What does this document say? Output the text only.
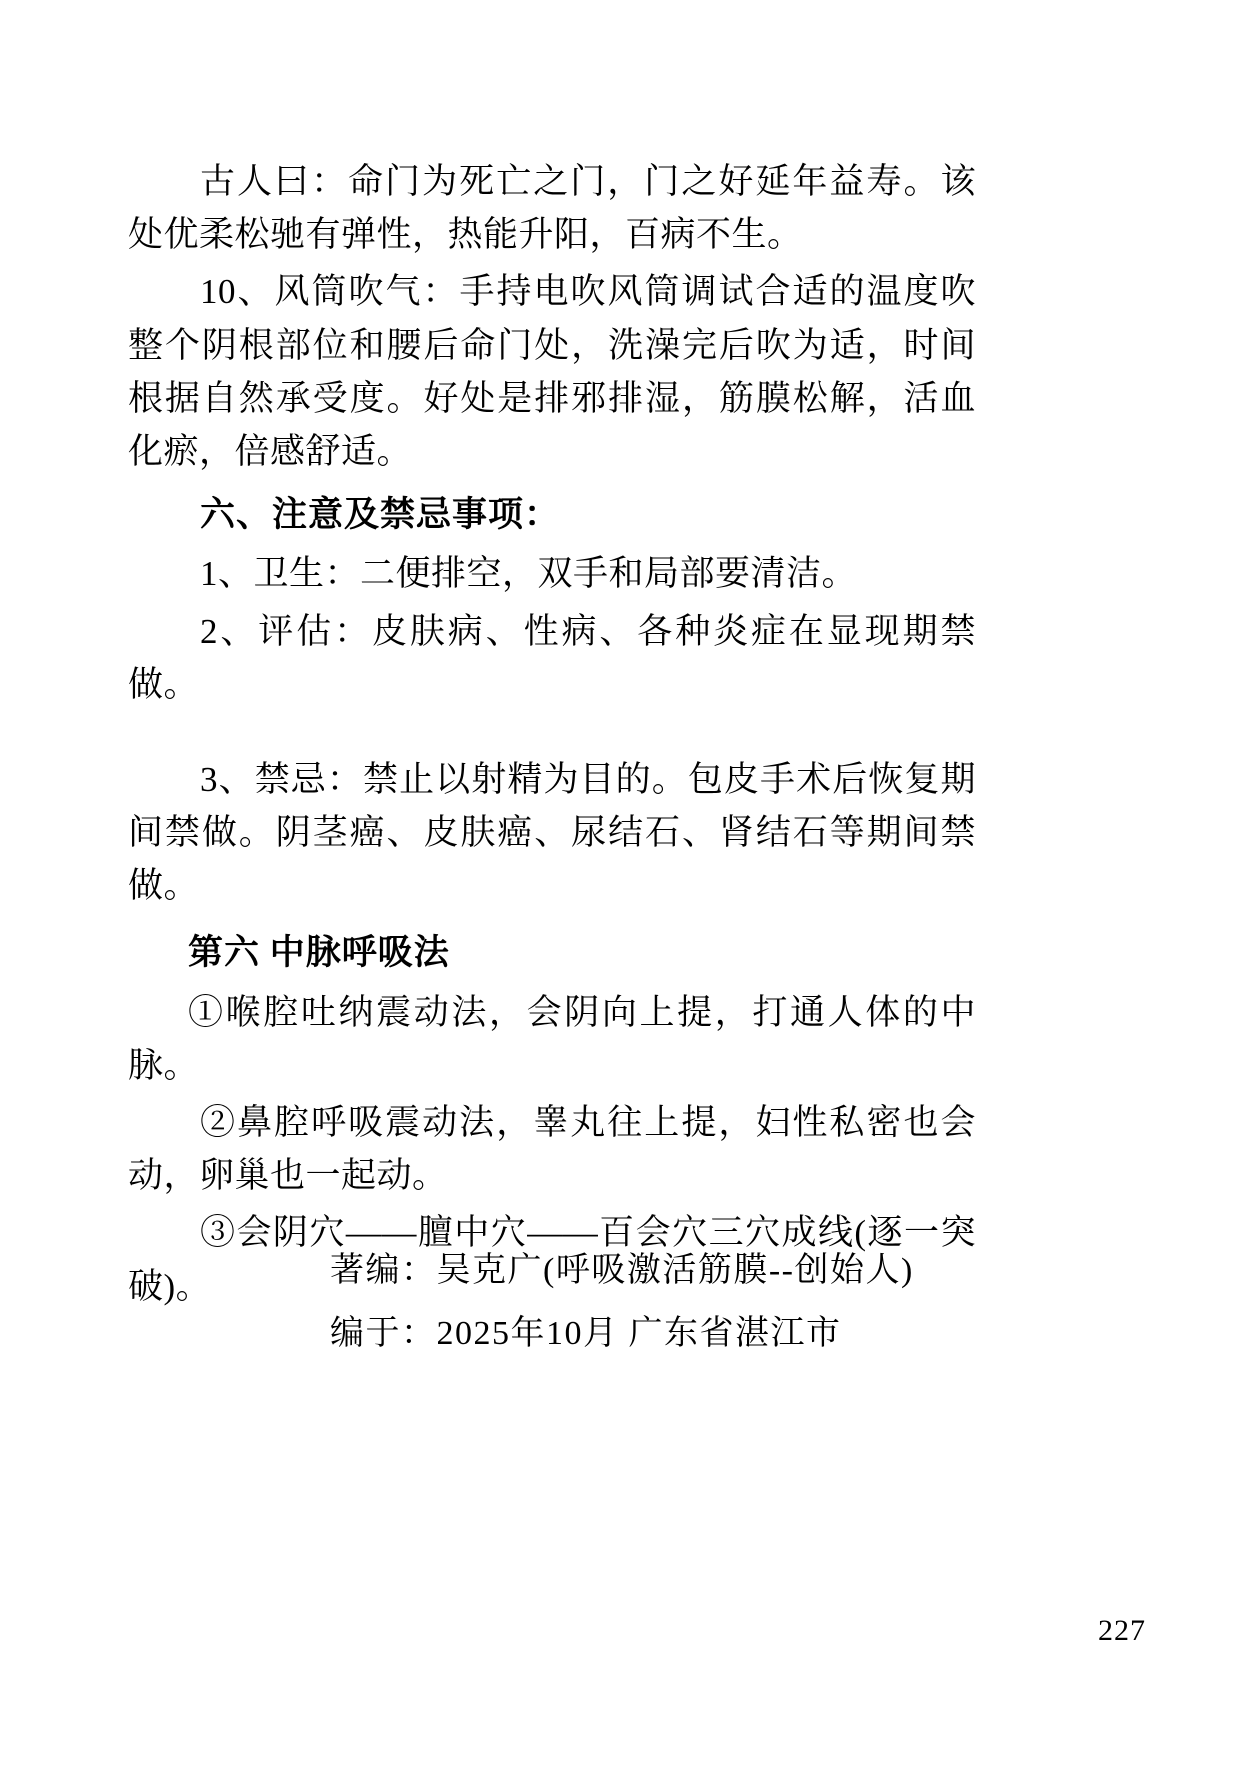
古人曰：命门为死亡之门，门之好延年益寿。该处优柔松驰有弹性，热能升阳，百病不生。

10、风筒吹气：手持电吹风筒调试合适的温度吹整个阴根部位和腰后命门处，洗澡完后吹为适，时间根据自然承受度。好处是排邪排湿，筋膜松解，活血化瘀，倍感舒适。

六、注意及禁忌事项：

1、卫生：二便排空，双手和局部要清洁。

2、评估：皮肤病、性病、各种炎症在显现期禁做。

3、禁忌：禁止以射精为目的。包皮手术后恢复期间禁做。阴茎癌、皮肤癌、尿结石、肾结石等期间禁做。

第六 中脉呼吸法

①喉腔吐纳震动法，会阴向上提，打通人体的中脉。

②鼻腔呼吸震动法，睾丸往上提，妇性私密也会动，卵巢也一起动。

③会阴穴——膻中穴——百会穴三穴成线(逐一突破)。	著编：吴克广(呼吸激活筋膜--创始人)

编于：2025年10月 广东省湛江市

227
